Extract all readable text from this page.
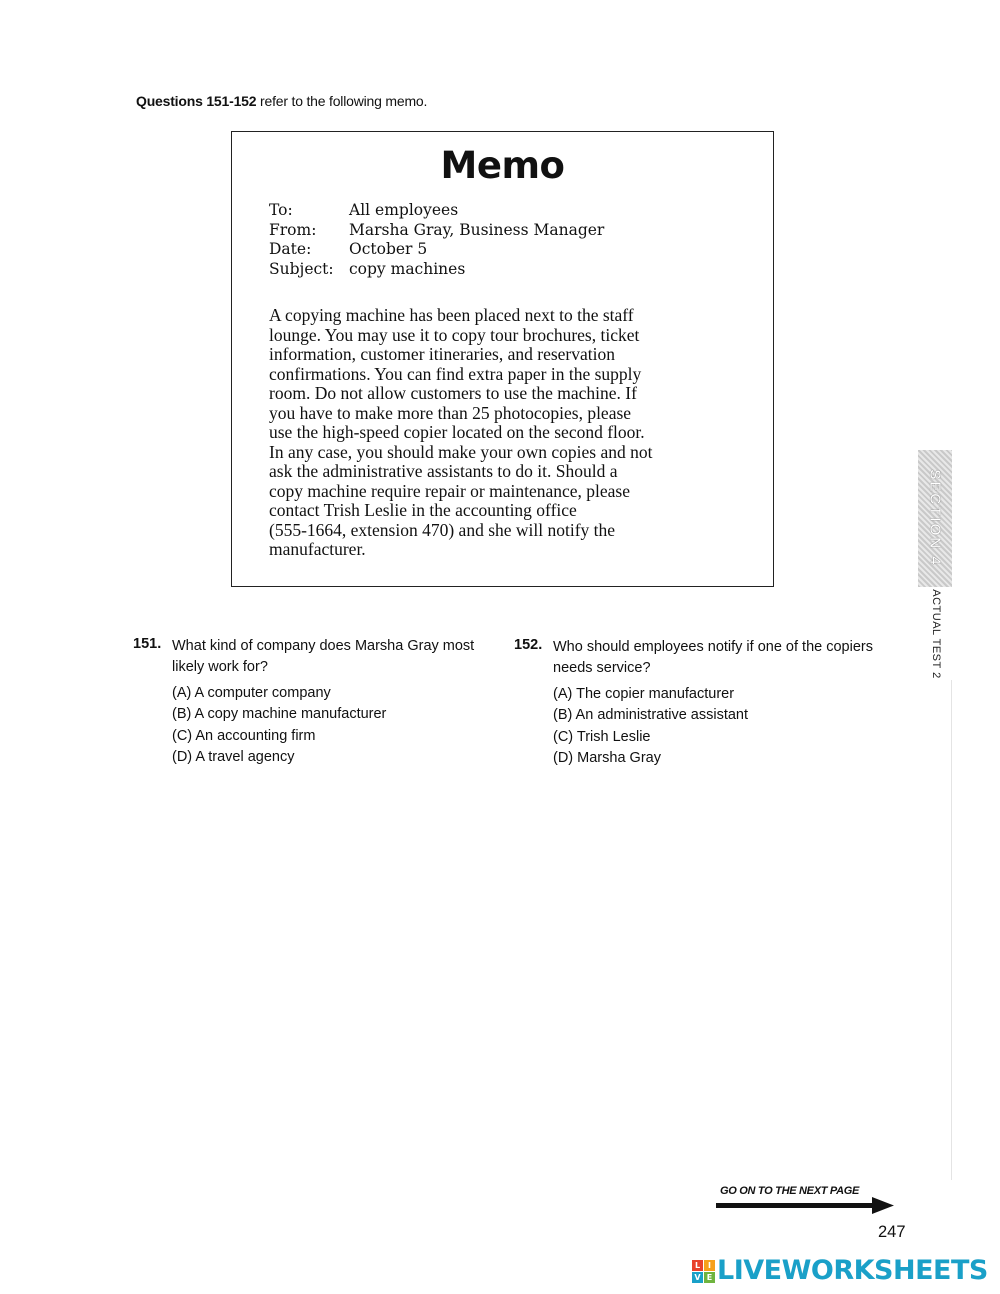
Questions 151-152 refer to the following memo.
Memo
To:	All employees
From:	Marsha Gray, Business Manager
Date:	October 5
Subject: copy machines
A copying machine has been placed next to the staff
lounge. You may use it to copy tour brochures, ticket
information, customer itineraries, and reservation
confirmations. You can find extra paper in the supply
room. Do not allow customers to use the machine. If
you have to make more than 25 photocopies, please
use the high-speed copier located on the second floor.
In any case, you should make your own copies and not
ask the administrative assistants to do it. Should a
copy machine require repair or maintenance, please
contact Trish Leslie in the accounting office
(555-1664, extension 470) and she will notify the
manufacturer.
151. What kind of company does Marsha Gray most likely work for?
(A) A computer company
(B) A copy machine manufacturer
(C) An accounting firm
(D) A travel agency
152. Who should employees notify if one of the copiers needs service?
(A) The copier manufacturer
(B) An administrative assistant
(C) Trish Leslie
(D) Marsha Gray
SECTION 4
ACTUAL TEST 2
GO ON TO THE NEXT PAGE
247
L I
V E LIVEWORKSHEETS
